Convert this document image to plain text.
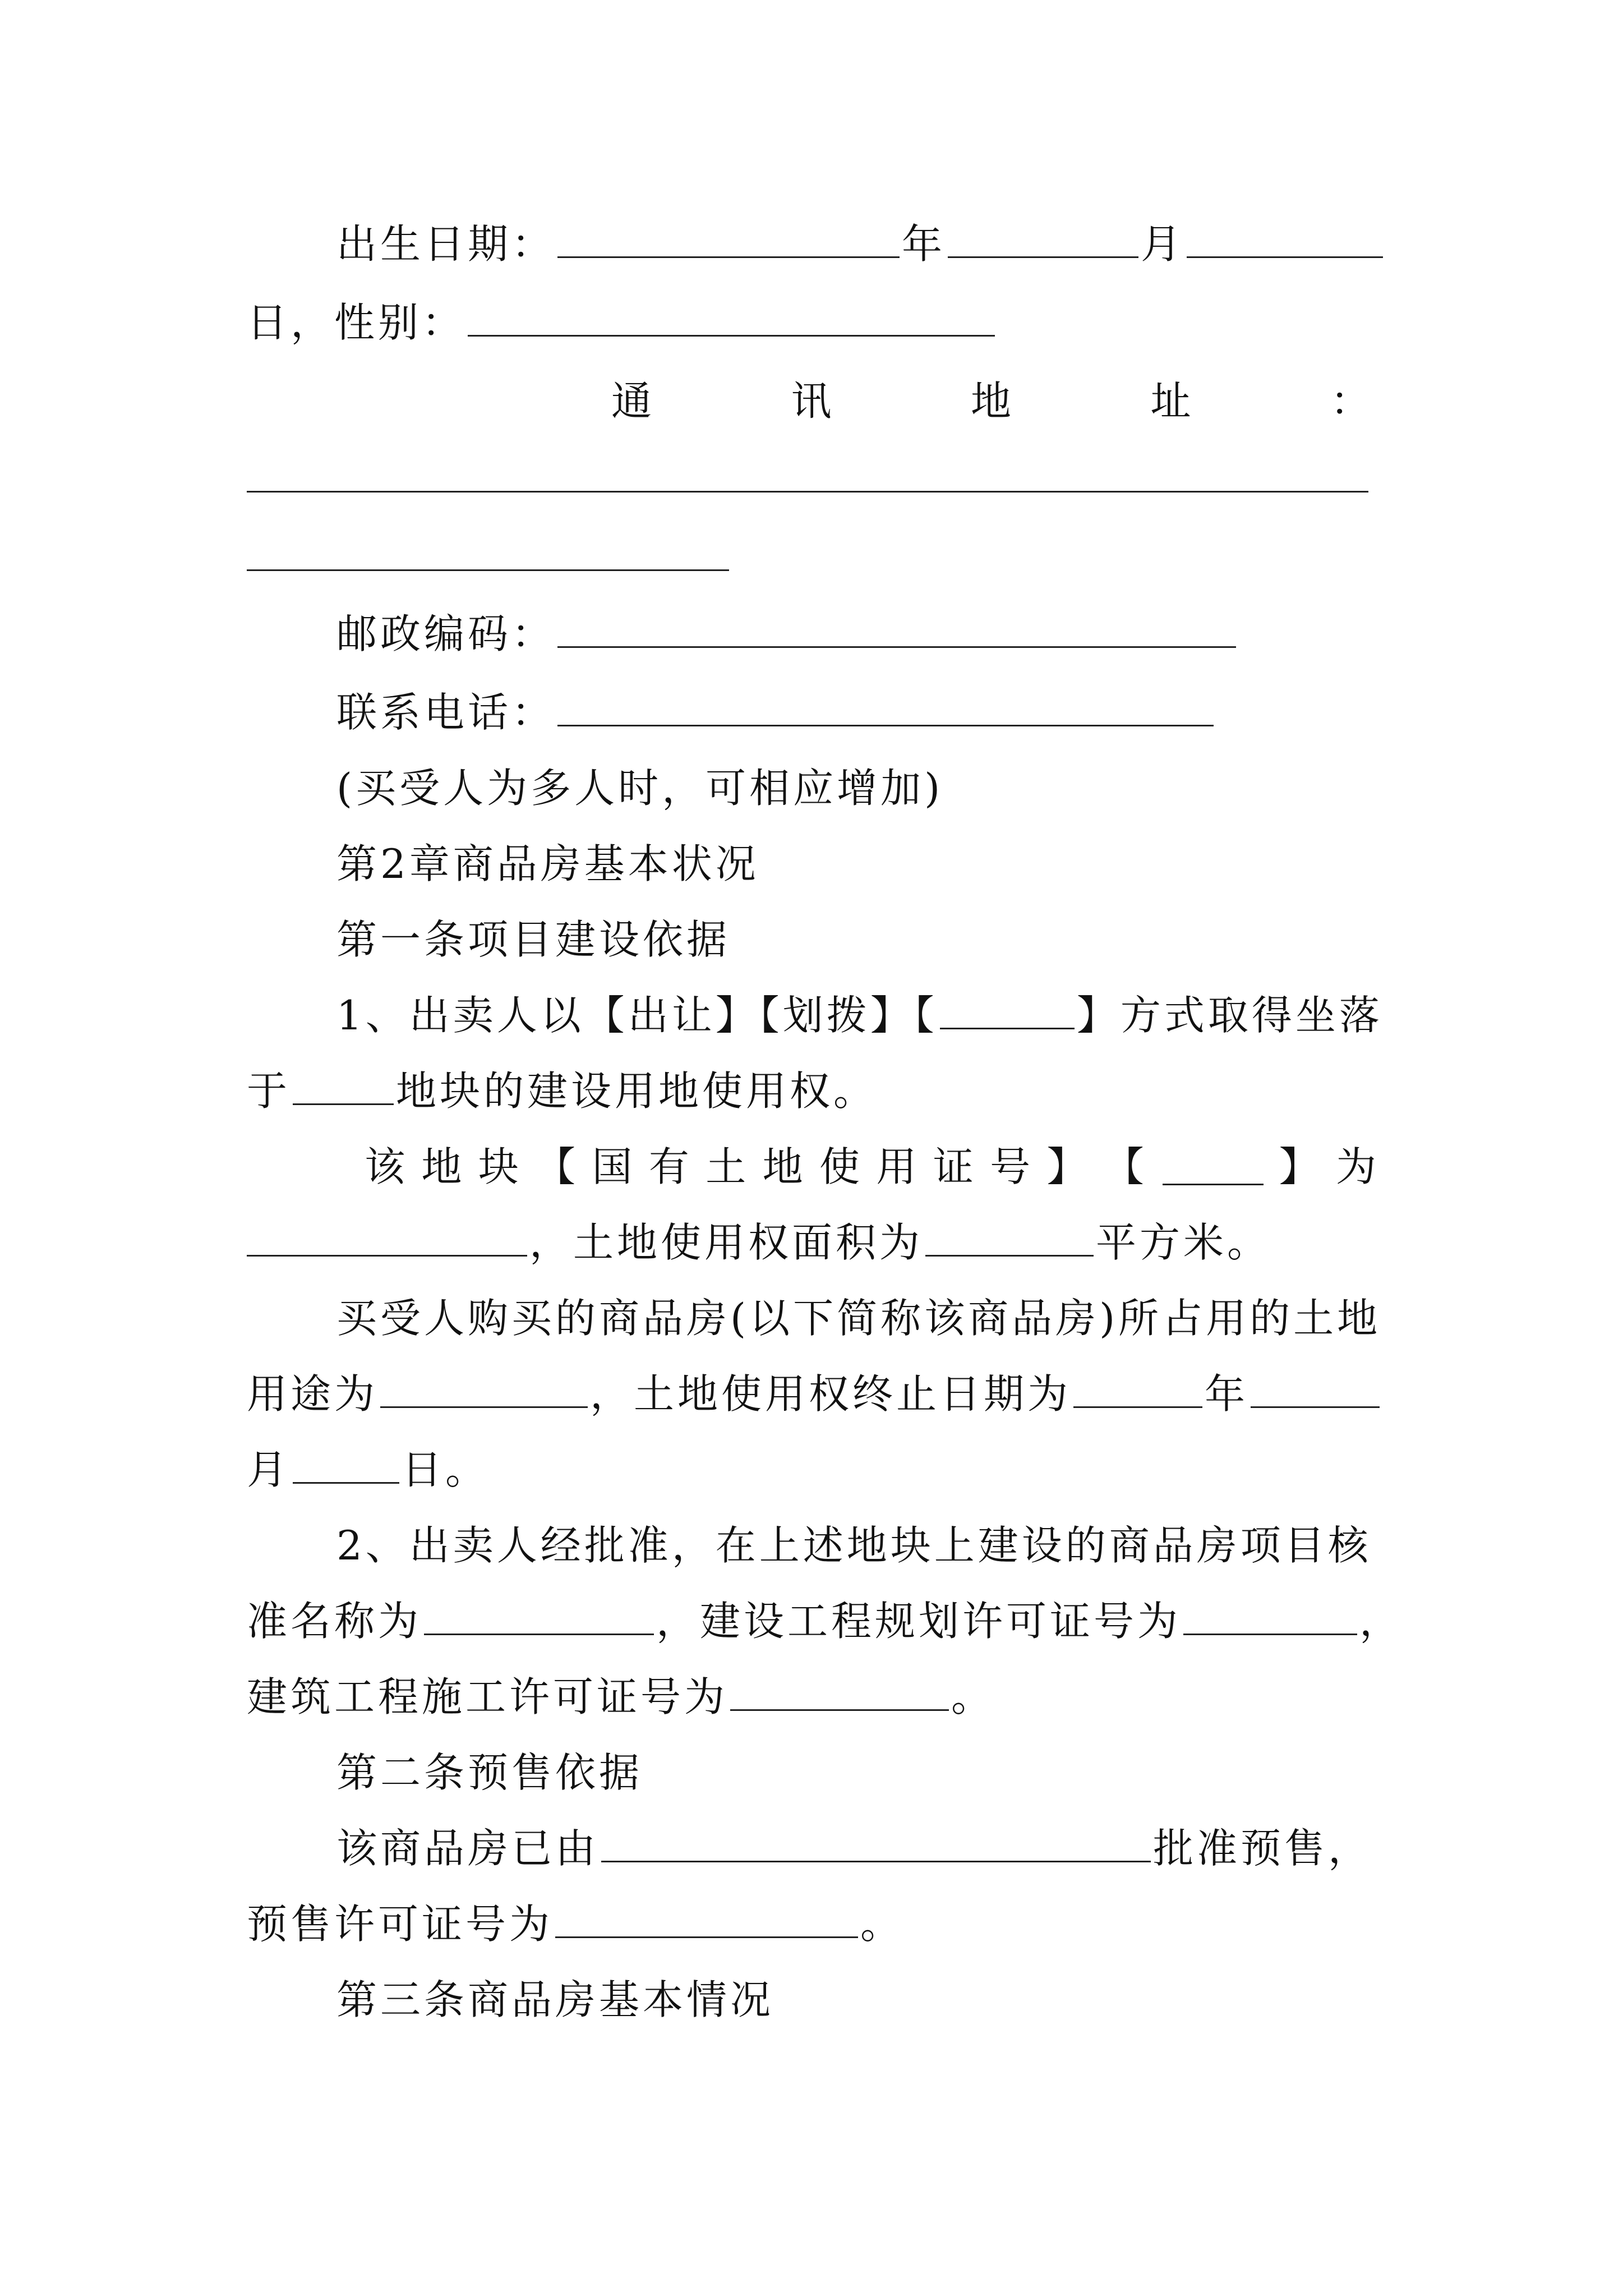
出生日期：	年	月
日，性别：
通	讯	地	址	：
邮政编码：
联系电话：
(买受人为多人时，可相应增加)
第2章商品房基本状况
第一条项目建设依据
1、出卖人以【出让】【划拨】【	】方式取得坐落
于	地块的建设用地使用权。
该 地 块 【 国 有 土 地 使 用 证 号 】 【	】 为
，土地使用权面积为	平方米。
买受人购买的商品房(以下简称该商品房)所占用的土地
用途为	，土地使用权终止日期为	年
月	日。
2、出卖人经批准，在上述地块上建设的商品房项目核
准名称为	，建设工程规划许可证号为	，
建筑工程施工许可证号为	。
第二条预售依据
该商品房已由	批准预售，
预售许可证号为	。
第三条商品房基本情况
